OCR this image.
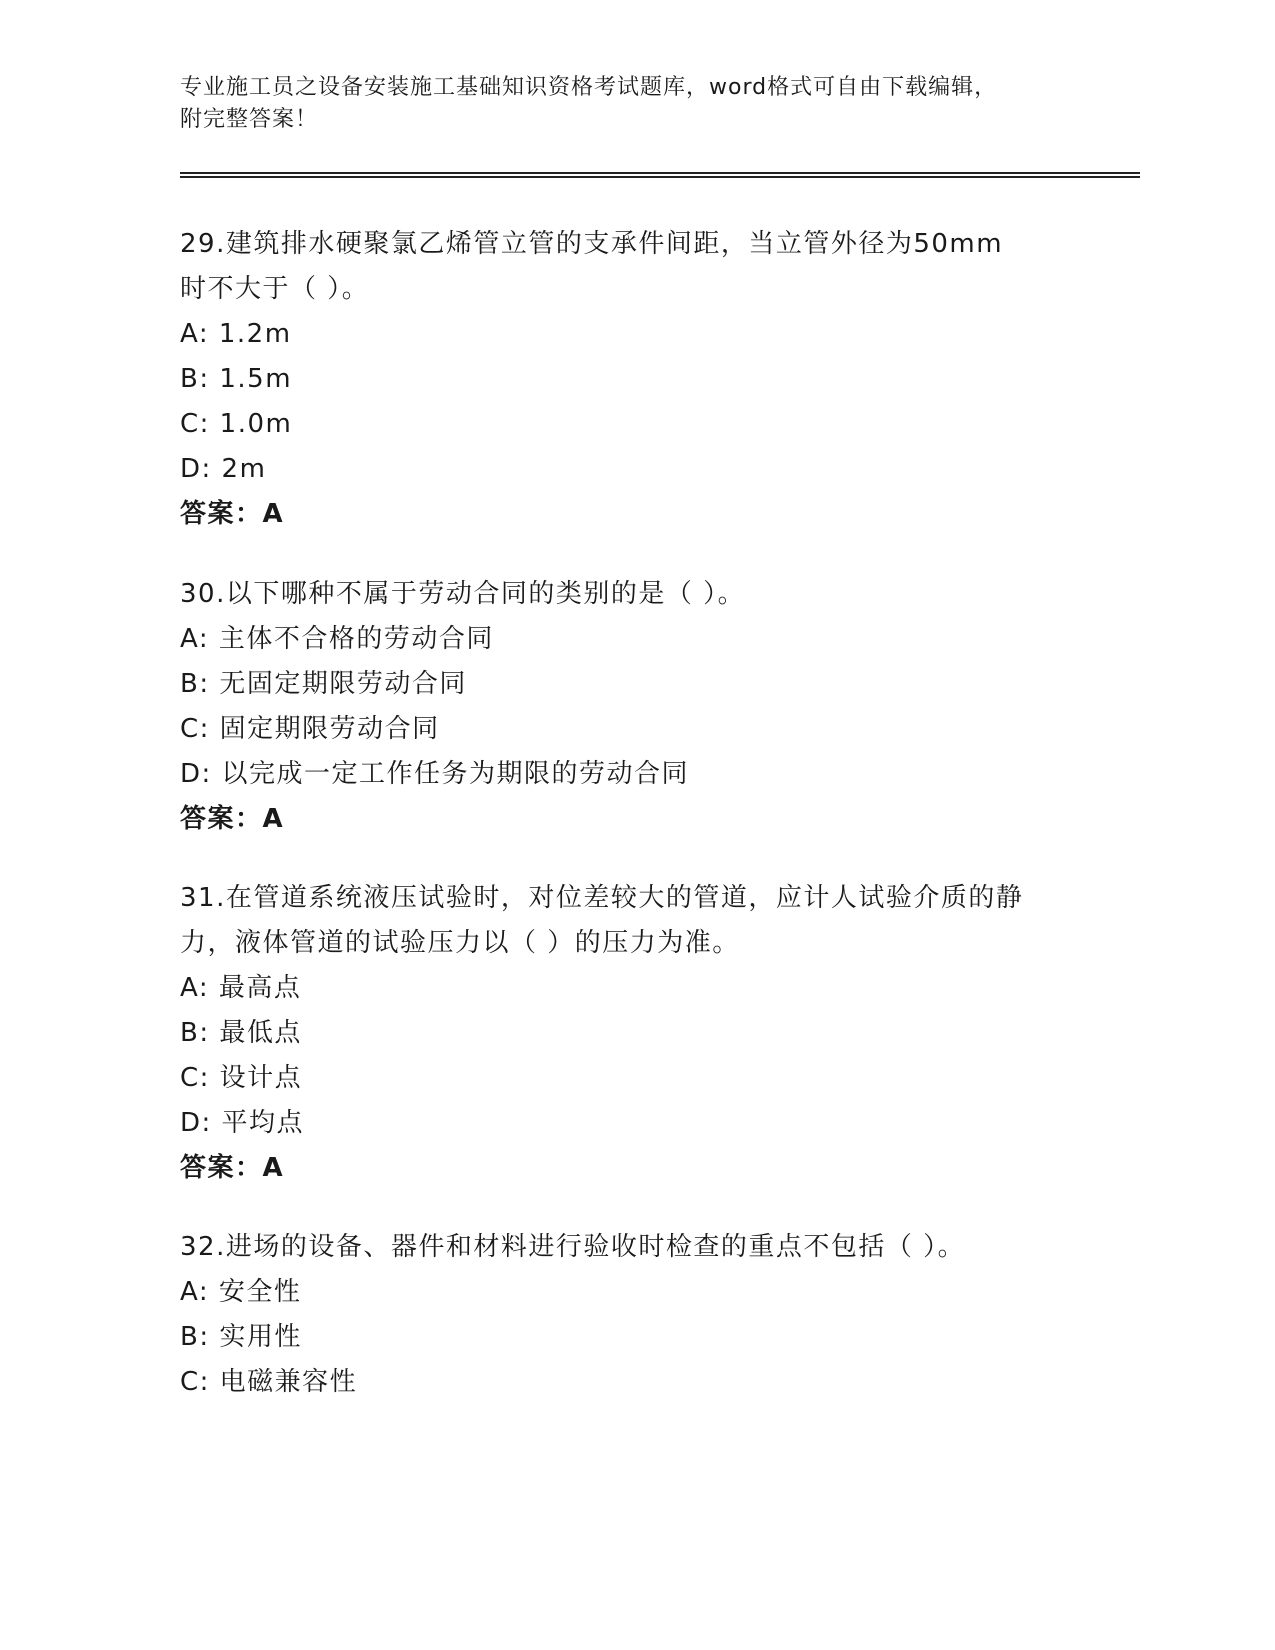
专业施工员之设备安装施工基础知识资格考试题库，word格式可自由下载编辑，
附完整答案！

29.建筑排水硬聚氯乙烯管立管的支承件间距，当立管外径为50mm时不大于（ ）。

A: 1.2m

B: 1.5m

C: 1.0m

D: 2m

答案：A

30.以下哪种不属于劳动合同的类别的是（ ）。

A: 主体不合格的劳动合同

B: 无固定期限劳动合同

C: 固定期限劳动合同

D: 以完成一定工作任务为期限的劳动合同

答案：A

31.在管道系统液压试验时，对位差较大的管道，应计人试验介质的静力，液体管道的试验压力以（ ）的压力为准。

A: 最高点

B: 最低点

C: 设计点

D: 平均点

答案：A

32.进场的设备、器件和材料进行验收时检查的重点不包括（ ）。

A: 安全性

B: 实用性

C: 电磁兼容性
